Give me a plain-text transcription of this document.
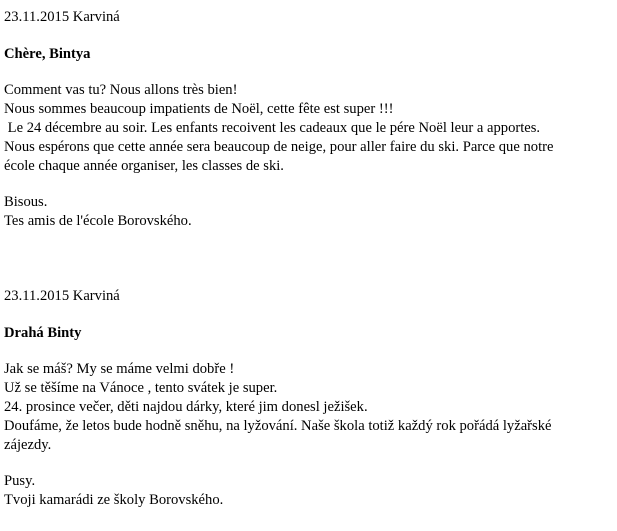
23.11.2015 Karviná
Chère, Bintya
Comment vas tu? Nous allons très bien!
Nous sommes beaucoup impatients de Noël, cette fête est super !!!
Le 24 décembre au soir. Les enfants recoivent les cadeaux que le pére Noël leur a apportes.
Nous espérons que cette année sera beaucoup de neige, pour aller faire du ski. Parce que notre
école chaque année organiser, les classes de ski.
Bisous.
Tes amis de l'école Borovského.
23.11.2015 Karviná
Drahá Binty
Jak se máš? My se máme velmi dobře !
Už se těšíme na Vánoce , tento svátek je super.
24. prosince večer, děti najdou dárky, které jim donesl ježišek.
Doufáme, že letos bude hodně sněhu, na lyžování. Naše škola totiž každý rok pořádá lyžařské
zájezdy.
Pusy.
Tvoji kamarádi ze školy Borovského.
